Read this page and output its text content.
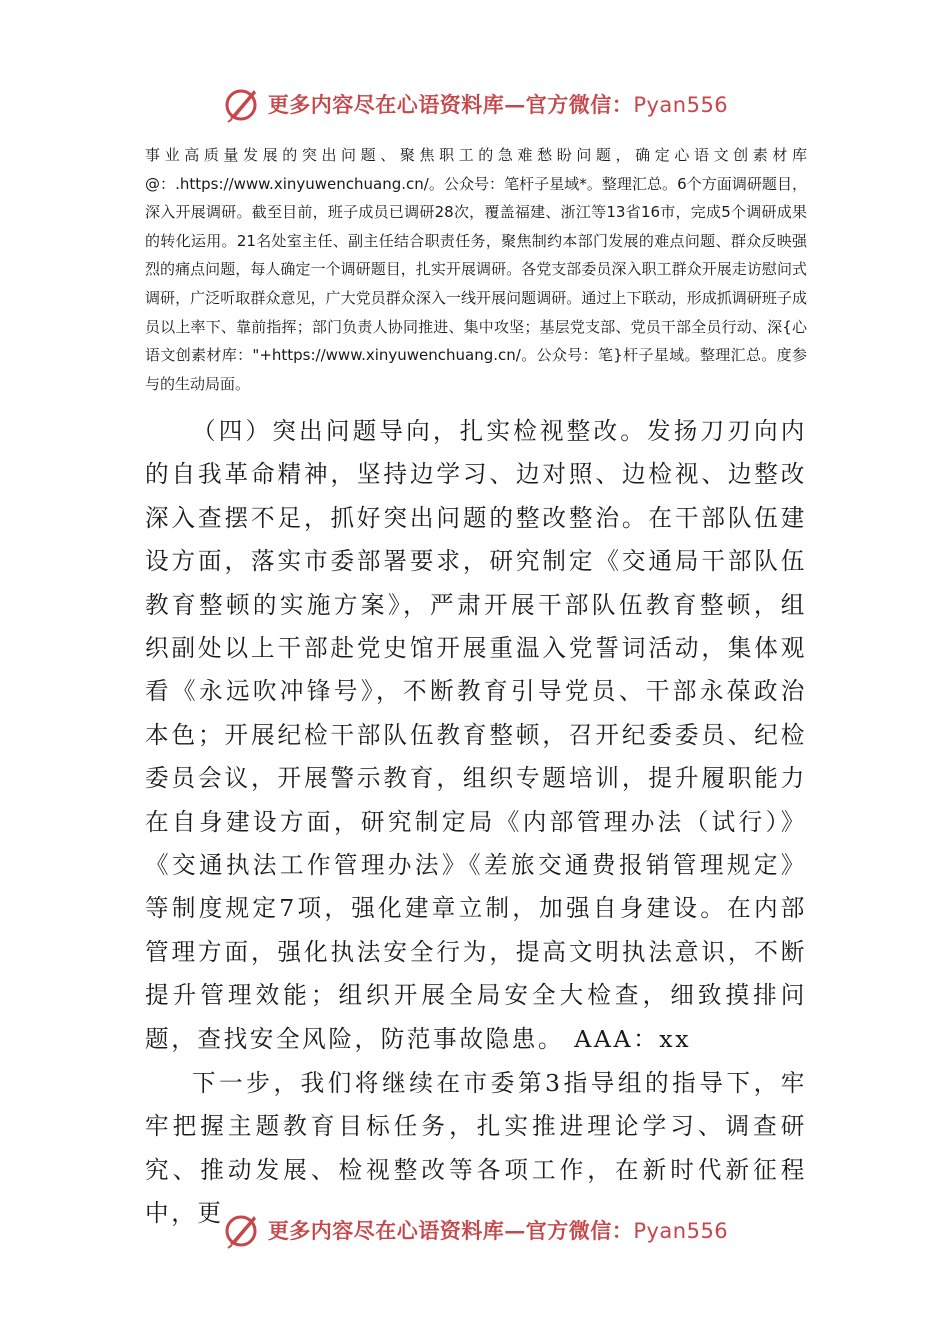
更多内容尽在心语资料库—官方微信：Pyan556

事业高质量发展的突出问题、聚焦职工的急难愁盼问题，确定心语文创素材库@：.https://www.xinyuwenchuang.cn/。公众号：笔杆子星域*。整理汇总。6个方面调研题目，深入开展调研。截至目前，班子成员已调研28次，覆盖福建、浙江等13省16市，完成5个调研成果的转化运用。21名处室主任、副主任结合职责任务，聚焦制约本部门发展的难点问题、群众反映强烈的痛点问题，每人确定一个调研题目，扎实开展调研。各党支部委员深入职工群众开展走访慰问式调研，广泛听取群众意见，广大党员群众深入一线开展问题调研。通过上下联动，形成抓调研班子成员以上率下、靠前指挥；部门负责人协同推进、集中攻坚；基层党支部、党员干部全员行动、深{心语文创素材库："+https://www.xinyuwenchuang.cn/。公众号：笔}杆子星域。整理汇总。度参与的生动局面。

（四）突出问题导向，扎实检视整改。发扬刀刃向内的自我革命精神，坚持边学习、边对照、边检视、边整改深入查摆不足，抓好突出问题的整改整治。在干部队伍建设方面，落实市委部署要求，研究制定《交通局干部队伍教育整顿的实施方案》，严肃开展干部队伍教育整顿，组织副处以上干部赴党史馆开展重温入党誓词活动，集体观看《永远吹冲锋号》，不断教育引导党员、干部永葆政治本色；开展纪检干部队伍教育整顿，召开纪委委员、纪检委员会议，开展警示教育，组织专题培训，提升履职能力在自身建设方面，研究制定局《内部管理办法（试行）》《交通执法工作管理办法》《差旅交通费报销管理规定》等制度规定7项，强化建章立制，加强自身建设。在内部管理方面，强化执法安全行为，提高文明执法意识，不断提升管理效能；组织开展全局安全大检查，细致摸排问题，查找安全风险，防范事故隐患。 AAA：xx

下一步，我们将继续在市委第3指导组的指导下，牢牢把握主题教育目标任务，扎实推进理论学习、调查研究、推动发展、检视整改等各项工作，在新时代新征程中，更

更多内容尽在心语资料库—官方微信：Pyan556
